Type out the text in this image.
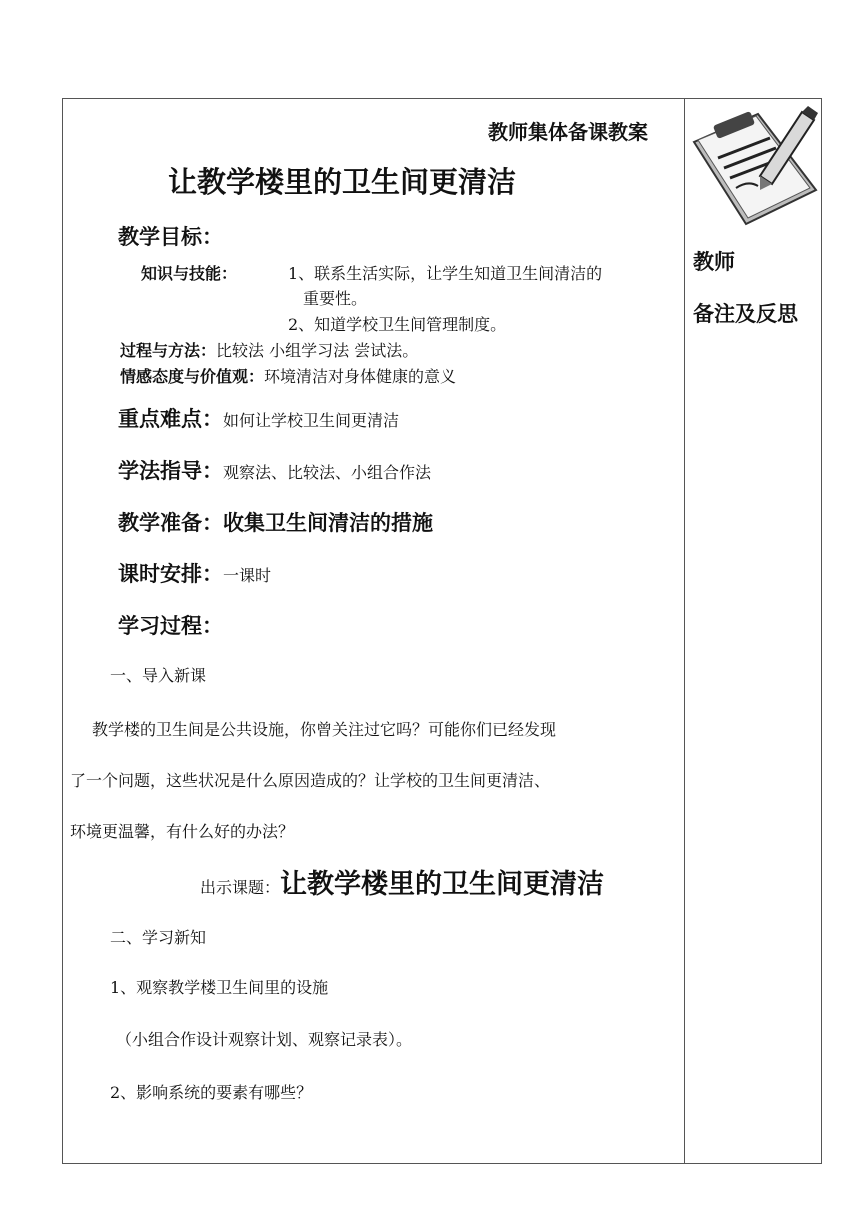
教师集体备课教案
让教学楼里的卫生间更清洁
教学目标：
知识与技能：	1、联系生活实际，让学生知道卫生间清洁的
重要性。
2、知道学校卫生间管理制度。
过程与方法：比较法 小组学习法 尝试法。
情感态度与价值观：环境清洁对身体健康的意义
重点难点：如何让学校卫生间更清洁
学法指导：观察法、比较法、小组合作法
教学准备：收集卫生间清洁的措施
课时安排：一课时
学习过程：
一、导入新课
教学楼的卫生间是公共设施，你曾关注过它吗？可能你们已经发现
了一个问题，这些状况是什么原因造成的？让学校的卫生间更清洁、
环境更温馨，有什么好的办法？
出示课题：让教学楼里的卫生间更清洁
二、学习新知
1、观察教学楼卫生间里的设施
（小组合作设计观察计划、观察记录表）。
2、影响系统的要素有哪些？
教师
备注及反思
